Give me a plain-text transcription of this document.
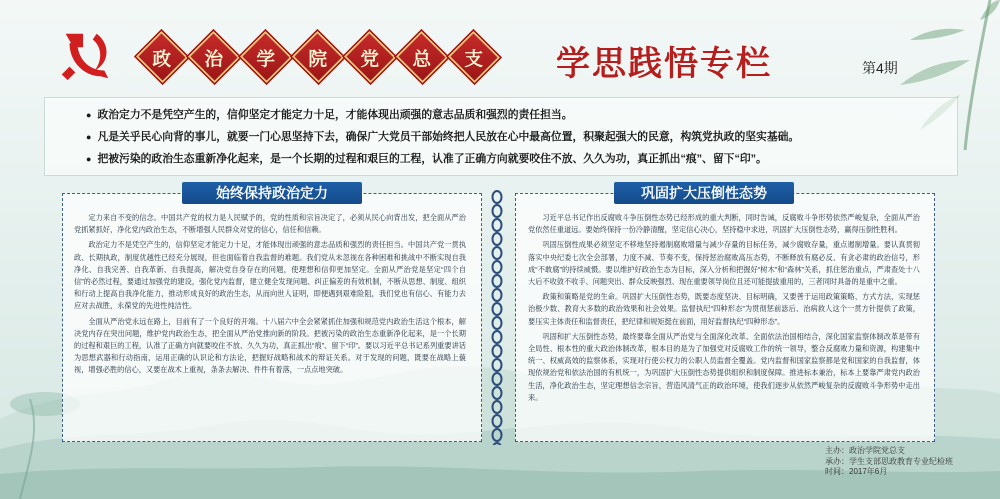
政 治 学 院 党 总 支 学思践悟专栏	第4期
● 政治定力不是凭空产生的，信仰坚定才能定力十足，才能体现出顽强的意志品质和强烈的责任担当。
● 凡是关乎民心向背的事儿，就要一门心思坚持下去，确保广大党员干部始终把人民放在心中最高位置，积聚起强大的民意，构筑党执政的坚实基础。
● 把被污染的政治生态重新净化起来，是一个长期的过程和艰巨的工程，认准了正确方向就要咬住不放、久久为功，真正抓出“痕”、留下“印”。
始终保持政治定力	巩固扩大压倒性态势

定力来自不变的信念。中国共产党的权力是人民赋予的，党的性质和宗旨决定了，必须从民心向背出发，把全面从严治党抓紧抓好，净化党内政治生态，不断增强人民群众对党的信心，信任和信赖。

政治定力不是凭空产生的，信仰坚定才能定力十足，才能体现出顽强的意志品质和强烈的责任担当。中国共产党一贯执政、长期执政，制度优越性已经充分展现，但也面临着自我监督的难题。我们党从未忽视在各种困难和挑战中不断实现自我净化、自我完善、自我革新、自我提高，解决党自身存在的问题，使理想和信仰更加坚定。全面从严治党是坚定“四个自信”的必然过程，要通过加强党的建设，强化党内监督，建立健全发现问题、纠正偏差的有效机制，不断从思想、制度、组织和行动上提高自我净化能力，推动形成良好的政治生态，从而向世人证明，即便遇到艰难险阻，我们党也有信心、有能力去应对去战胜，永葆党的先进性纯洁性。

全面从严治党永远在路上，目前有了一个良好的开端。十八届六中全会紧紧抓住加强和规范党内政治生活这个根本，解决党内存在突出问题，维护党内政治生态，把全面从严治党推向新的阶段。把被污染的政治生态重新净化起来，是一个长期的过程和艰巨的工程，认准了正确方向就要咬住不放、久久为功，真正抓出“痕”、留下“印”。要以习近平总书记系列重要讲话为思想武器和行动指南，运用正确的认识论和方法论，把握好战略和战术的辩证关系。对于发现的问题，既要在战略上藐视，增强必胜的信心，又要在战术上重视，条条去解决、件件有着落，一点点地突破。

习近平总书记作出反腐败斗争压倒性态势已经形成的重大判断，同时告诫，反腐败斗争形势依然严峻复杂，全面从严治党依然任重道远。要始终保持一份冷静清醒，坚定信心决心，坚持稳中求进，巩固扩大压倒性态势，赢得压倒性胜利。

巩固压倒性成果必须坚定不移地坚持遏制腐败增量与减少存量的目标任务，减少腐败存量，重点遏制增量。要认真贯彻落实中央纪委七次全会部署，力度不减、节奏不变，保持惩治腐败高压态势，不断释放有腐必反、有贪必肃的政治信号，形成“不敢腐”的持续威慑。要以维护好政治生态为目标，深入分析和把握好“树木”和“森林”关系，抓住惩治重点，严肃查处十八大后不收敛不收手、问题突出、群众反映强烈、现在重要领导岗位且还可能提拔重用的，三者同时具备的是重中之重。

政策和策略是党的生命。巩固扩大压倒性态势，既要态度坚决、目标明确，又要善于运用政策策略、方式方法，实现惩治极少数、教育大多数的政治效果和社会效果。监督执纪“四种形态”为贯彻惩前毖后、治病救人这个一贯方针提供了政策，要压实主体责任和监督责任，把纪律和规矩挺在前面，用好监督执纪“四种形态”。

巩固和扩大压倒性态势，最终要靠全面从严治党与全面深化改革、全面依法治国相结合，深化国家监察体制改革是带有全局性、根本性的重大政治体制改革，根本目的是为了加强党对反腐败工作的统一领导，整合反腐败力量和资源，构建集中统一、权威高效的监察体系，实现对行使公权力的公职人员监督全覆盖。党内监督和国家监察都是党和国家的自我监督，体现依规治党和依法治国的有机统一，为巩固扩大压倒性态势提供组织和制度保障。推进标本兼治，标本上要靠严肃党内政治生活，净化政治生态，坚定理想信念宗旨，营造风清气正的政治环境，使我们逐步从依然严峻复杂的反腐败斗争形势中走出来。

主办：政治学院党总支
承办：学生支部思政教育专业纪检班
时间：2017年6月
